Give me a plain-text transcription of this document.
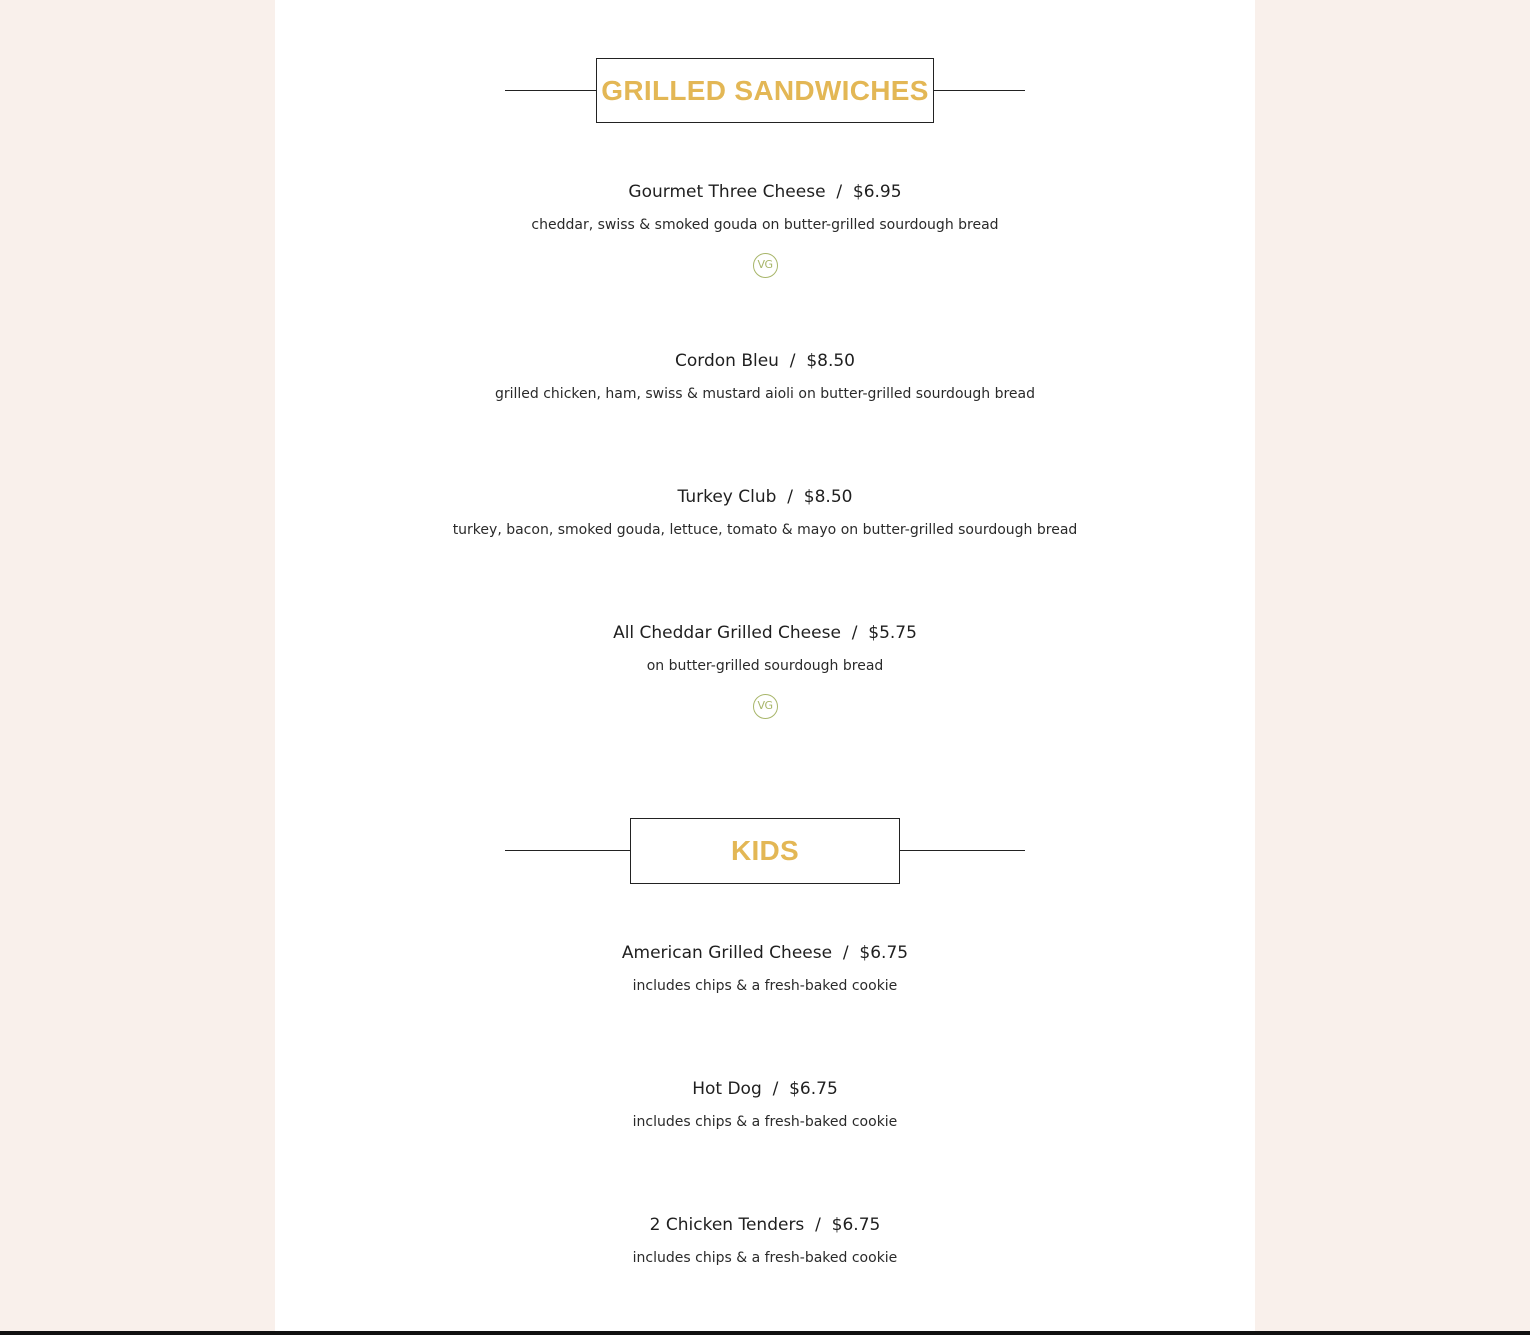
GRILLED SANDWICHES
Gourmet Three Cheese / $6.95
cheddar, swiss & smoked gouda on butter-grilled sourdough bread
VG
Cordon Bleu / $8.50
grilled chicken, ham, swiss & mustard aioli on butter-grilled sourdough bread
Turkey Club / $8.50
turkey, bacon, smoked gouda, lettuce, tomato & mayo on butter-grilled sourdough bread
All Cheddar Grilled Cheese / $5.75
on butter-grilled sourdough bread
VG
KIDS
American Grilled Cheese / $6.75
includes chips & a fresh-baked cookie
Hot Dog / $6.75
includes chips & a fresh-baked cookie
2 Chicken Tenders / $6.75
includes chips & a fresh-baked cookie
